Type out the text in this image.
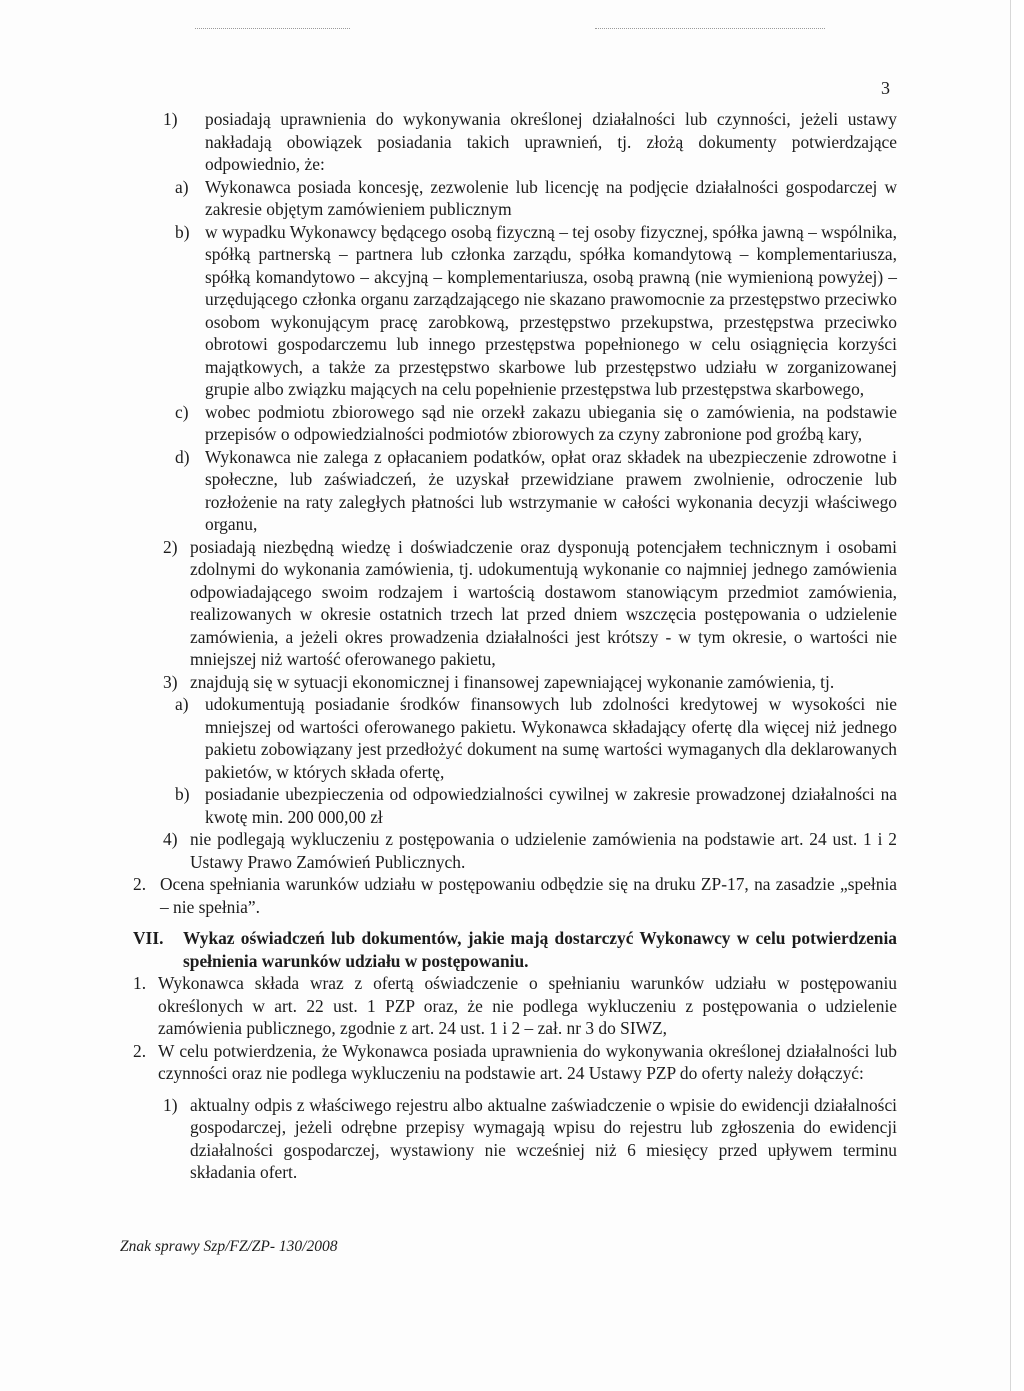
3
1) posiadają uprawnienia do wykonywania określonej działalności lub czynności, jeżeli ustawy nakładają obowiązek posiadania takich uprawnień, tj. złożą dokumenty potwierdzające odpowiednio, że:
a) Wykonawca posiada koncesję, zezwolenie lub licencję na podjęcie działalności gospodarczej w zakresie objętym zamówieniem publicznym
b) w wypadku Wykonawcy będącego osobą fizyczną – tej osoby fizycznej, spółka jawną – wspólnika, spółką partnerską – partnera lub członka zarządu, spółka komandytową – komplementariusza, spółką komandytowo – akcyjną – komplementariusza, osobą prawną (nie wymienioną powyżej) – urzędującego członka organu zarządzającego nie skazano prawomocnie za przestępstwo przeciwko osobom wykonującym pracę zarobkową, przestępstwo przekupstwa, przestępstwa przeciwko obrotowi gospodarczemu lub innego przestępstwa popełnionego w celu osiągnięcia korzyści majątkowych, a także za przestępstwo skarbowe lub przestępstwo udziału w zorganizowanej grupie albo związku mających na celu popełnienie przestępstwa lub przestępstwa skarbowego,
c) wobec podmiotu zbiorowego sąd nie orzekł zakazu ubiegania się o zamówienia, na podstawie przepisów o odpowiedzialności podmiotów zbiorowych za czyny zabronione pod groźbą kary,
d) Wykonawca nie zalega z opłacaniem podatków, opłat oraz składek na ubezpieczenie zdrowotne i społeczne, lub zaświadczeń, że uzyskał przewidziane prawem zwolnienie, odroczenie lub rozłożenie na raty zaległych płatności lub wstrzymanie w całości wykonania decyzji właściwego organu,
2) posiadają niezbędną wiedzę i doświadczenie oraz dysponują potencjałem technicznym i osobami zdolnymi do wykonania zamówienia, tj. udokumentują wykonanie co najmniej jednego zamówienia odpowiadającego swoim rodzajem i wartością dostawom stanowiącym przedmiot zamówienia, realizowanych w okresie ostatnich trzech lat przed dniem wszczęcia postępowania o udzielenie zamówienia, a jeżeli okres prowadzenia działalności jest krótszy - w tym okresie, o wartości nie mniejszej niż wartość oferowanego pakietu,
3) znajdują się w sytuacji ekonomicznej i finansowej zapewniającej wykonanie zamówienia, tj.
a) udokumentują posiadanie środków finansowych lub zdolności kredytowej w wysokości nie mniejszej od wartości oferowanego pakietu. Wykonawca składający ofertę dla więcej niż jednego pakietu zobowiązany jest przedłożyć dokument na sumę wartości wymaganych dla deklarowanych pakietów, w których składa ofertę,
b) posiadanie ubezpieczenia od odpowiedzialności cywilnej w zakresie prowadzonej działalności na kwotę min. 200 000,00 zł
4) nie podlegają wykluczeniu z postępowania o udzielenie zamówienia na podstawie art. 24 ust. 1 i 2 Ustawy Prawo Zamówień Publicznych.
2. Ocena spełniania warunków udziału w postępowaniu odbędzie się na druku ZP-17, na zasadzie „spełnia – nie spełnia”.
VII. Wykaz oświadczeń lub dokumentów, jakie mają dostarczyć Wykonawcy w celu potwierdzenia spełnienia warunków udziału w postępowaniu.
1. Wykonawca składa wraz z ofertą oświadczenie o spełnianiu warunków udziału w postępowaniu określonych w art. 22 ust. 1 PZP oraz, że nie podlega wykluczeniu z postępowania o udzielenie zamówienia publicznego, zgodnie z art. 24 ust. 1 i 2 – zał. nr 3 do SIWZ,
2. W celu potwierdzenia, że Wykonawca posiada uprawnienia do wykonywania określonej działalności lub czynności oraz nie podlega wykluczeniu na podstawie art. 24 Ustawy PZP do oferty należy dołączyć:
1) aktualny odpis z właściwego rejestru albo aktualne zaświadczenie o wpisie do ewidencji działalności gospodarczej, jeżeli odrębne przepisy wymagają wpisu do rejestru lub zgłoszenia do ewidencji działalności gospodarczej, wystawiony nie wcześniej niż 6 miesięcy przed upływem terminu składania ofert.
Znak sprawy Szp/FZ/ZP- 130/2008
